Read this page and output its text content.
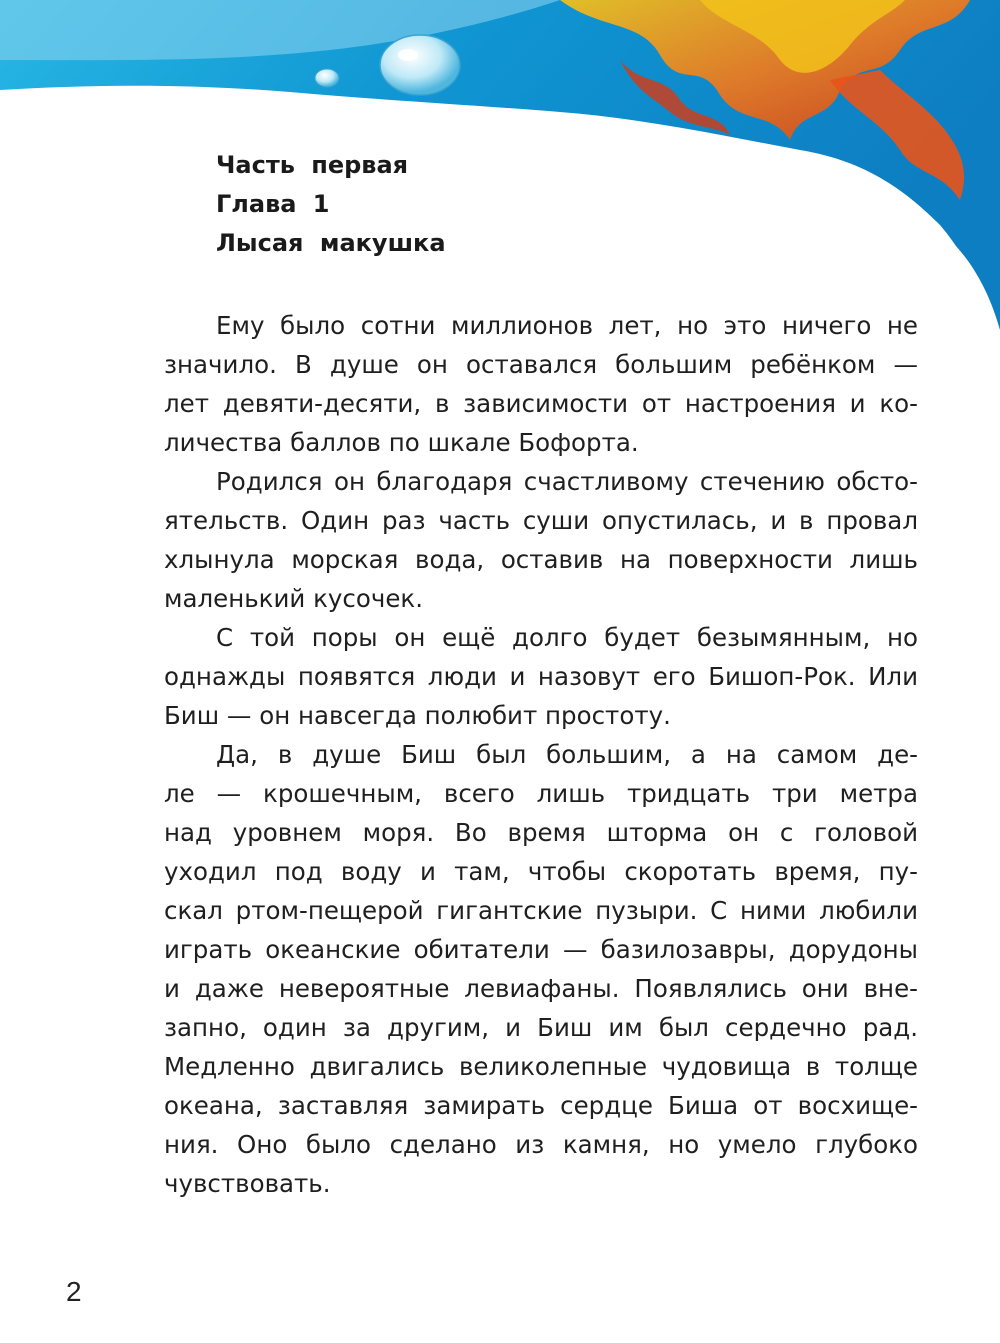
Часть первая
Глава 1
Лысая макушка
Ему было сотни миллионов лет, но это ничего не
значило. В душе он оставался большим ребёнком —
лет девяти-десяти, в зависимости от настроения и ко-
личества баллов по шкале Бофорта.
Родился он благодаря счастливому стечению обсто-
ятельств. Один раз часть суши опустилась, и в провал
хлынула морская вода, оставив на поверхности лишь
маленький кусочек.
С той поры он ещё долго будет безымянным, но
однажды появятся люди и назовут его Бишоп-Рок. Или
Биш — он навсегда полюбит простоту.
Да, в душе Биш был большим, а на самом де-
ле — крошечным, всего лишь тридцать три метра
над уровнем моря. Во время шторма он с головой
уходил под воду и там, чтобы скоротать время, пу-
скал ртом-пещерой гигантские пузыри. С ними любили
играть океанские обитатели — базилозавры, дорудоны
и даже невероятные левиафаны. Появлялись они вне-
запно, один за другим, и Биш им был сердечно рад.
Медленно двигались великолепные чудовища в толще
океана, заставляя замирать сердце Биша от восхище-
ния. Оно было сделано из камня, но умело глубоко
чувствовать.
2
